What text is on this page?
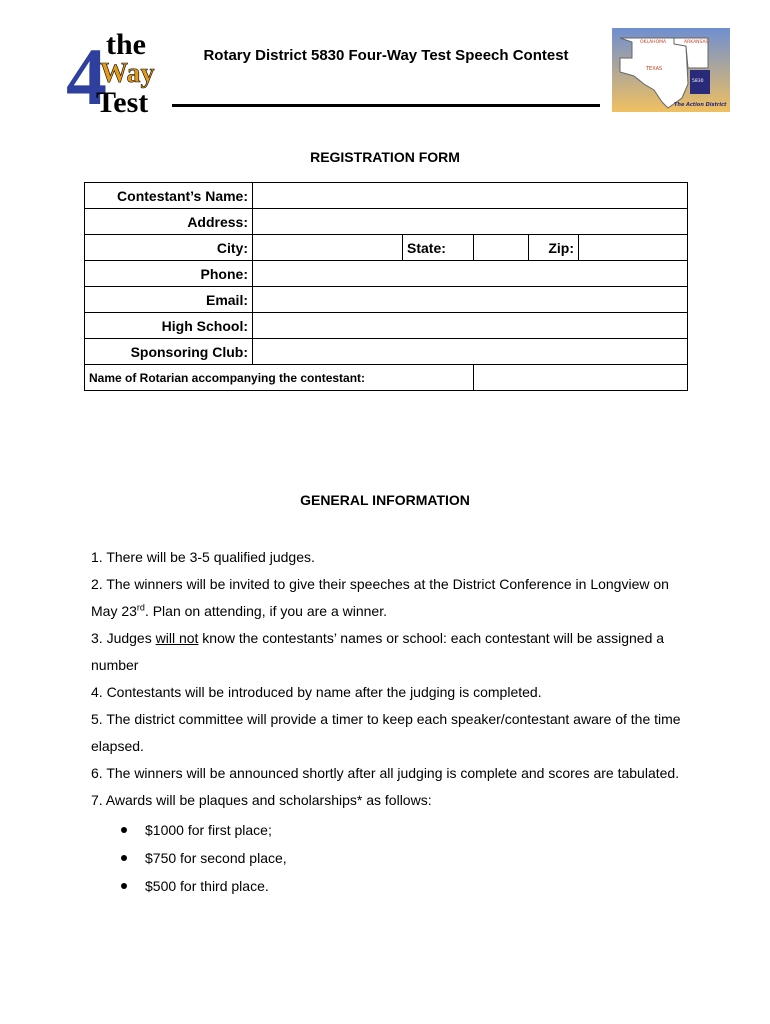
4 the
Way
Test
Rotary District 5830 Four-Way Test Speech Contest
OKLAHOMA	ARKANSAS
TEXAS
5830
The Action District
REGISTRATION FORM
Contestant’s Name:					
Address:					
City:		State:		Zip:	
Phone:					
Email:					
High School:					
Sponsoring Club:					
Name of Rotarian accompanying the contestant:					
GENERAL INFORMATION

1. There will be 3-5 qualified judges.

2. The winners will be invited to give their speeches at the District Conference in Longview on May 23rd. Plan on attending, if you are a winner.

3. Judges will not know the contestants’ names or school: each contestant will be assigned a number

4. Contestants will be introduced by name after the judging is completed.

5. The district committee will provide a timer to keep each speaker/contestant aware of the time elapsed.

6. The winners will be announced shortly after all judging is complete and scores are tabulated.

7. Awards will be plaques and scholarships* as follows:

$1000 for first place;
$750 for second place,
$500 for third place.
